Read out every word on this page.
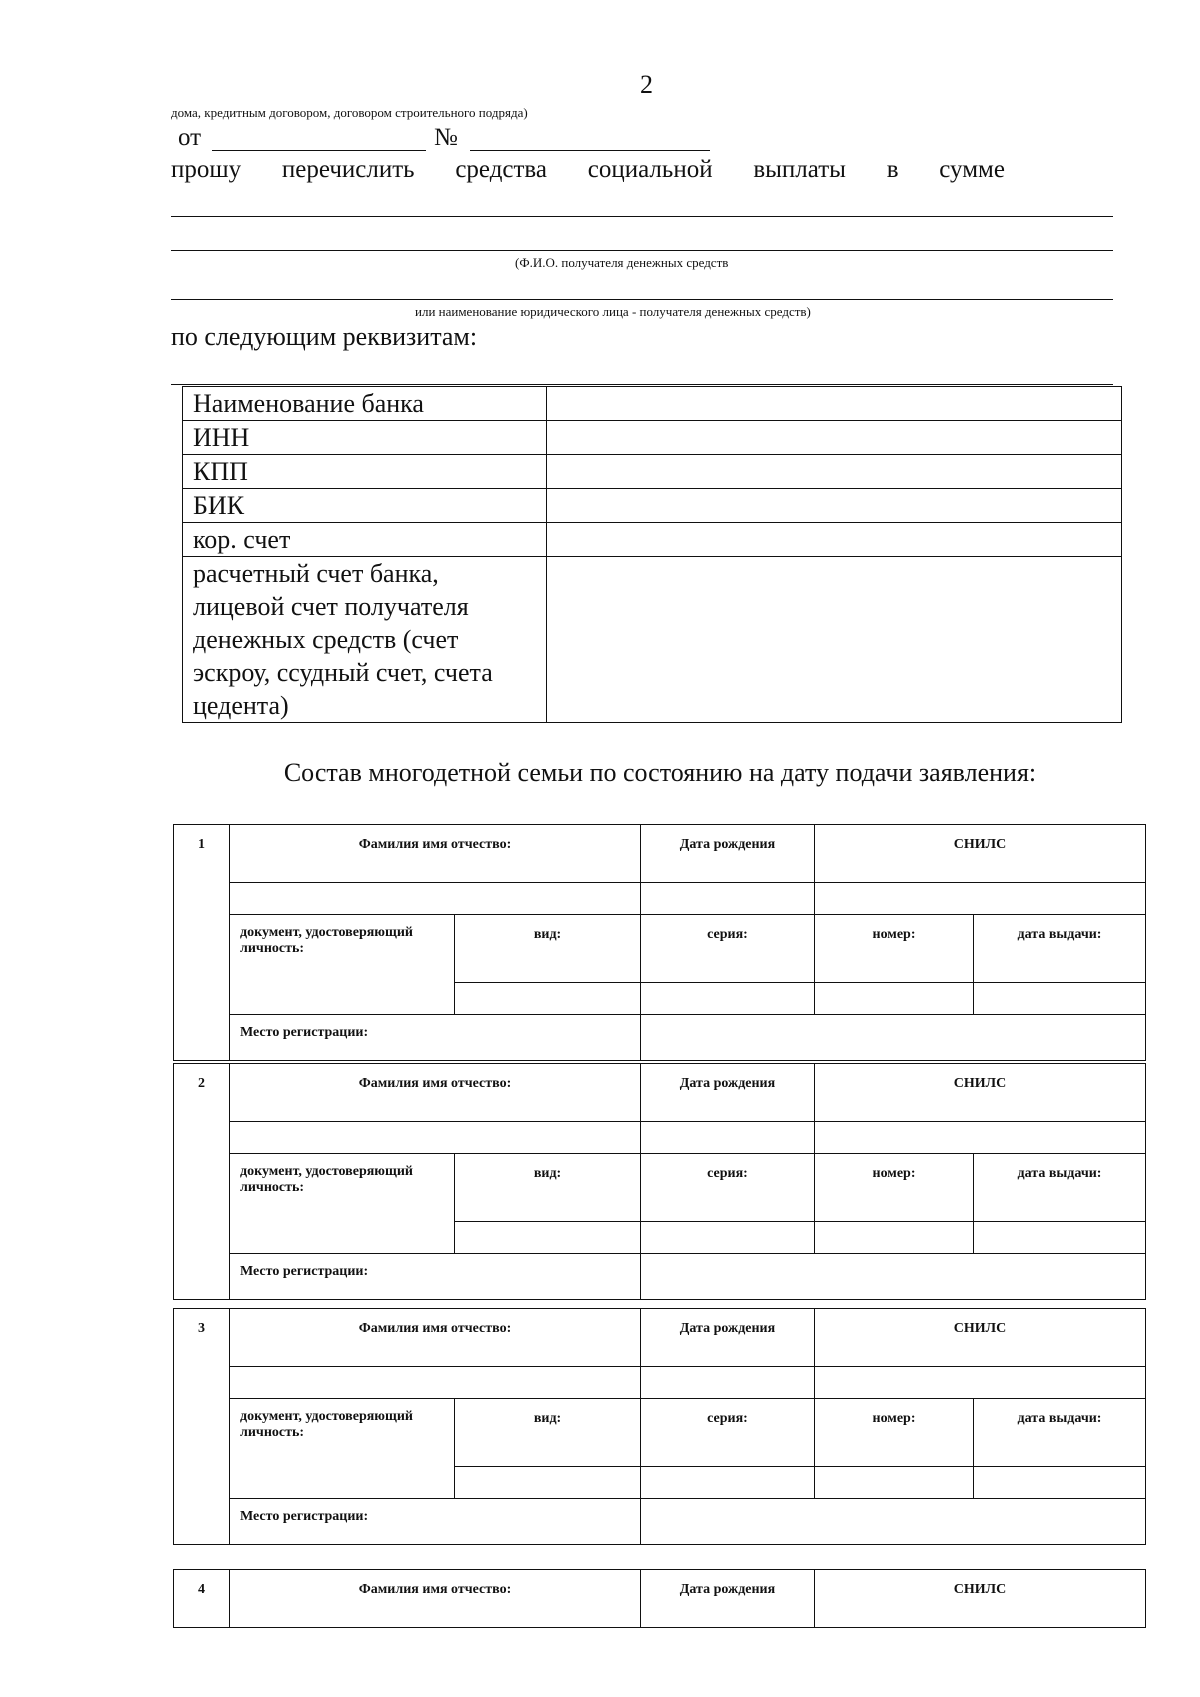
2
дома, кредитным договором, договором строительного подряда)
от	№
прошу перечислить средства социальной выплаты в сумме
(Ф.И.О. получателя денежных средств
или наименование юридического лица - получателя денежных средств)
по следующим реквизитам:
Наименование банка	
ИНН	
КПП	
БИК	
кор. счет	

расчетный счет банка,
лицевой счет получателя
денежных средств (счет
эскроу, ссудный счет, счета
цедента)	

Состав многодетной семьи по состоянию на дату подачи заявления:
1	Фамилия имя отчество:		Дата рождения	СНИЛС	

	документ, удостоверяющий личность:	вид:	серия:	номер:	дата выдачи:

	Место регистрации:				
2	Фамилия имя отчество:		Дата рождения	СНИЛС	

	документ, удостоверяющий личность:	вид:	серия:	номер:	дата выдачи:

	Место регистрации:				
3	Фамилия имя отчество:		Дата рождения	СНИЛС	

	документ, удостоверяющий личность:	вид:	серия:	номер:	дата выдачи:

	Место регистрации:				
4	Фамилия имя отчество:	Дата рождения	СНИЛС
